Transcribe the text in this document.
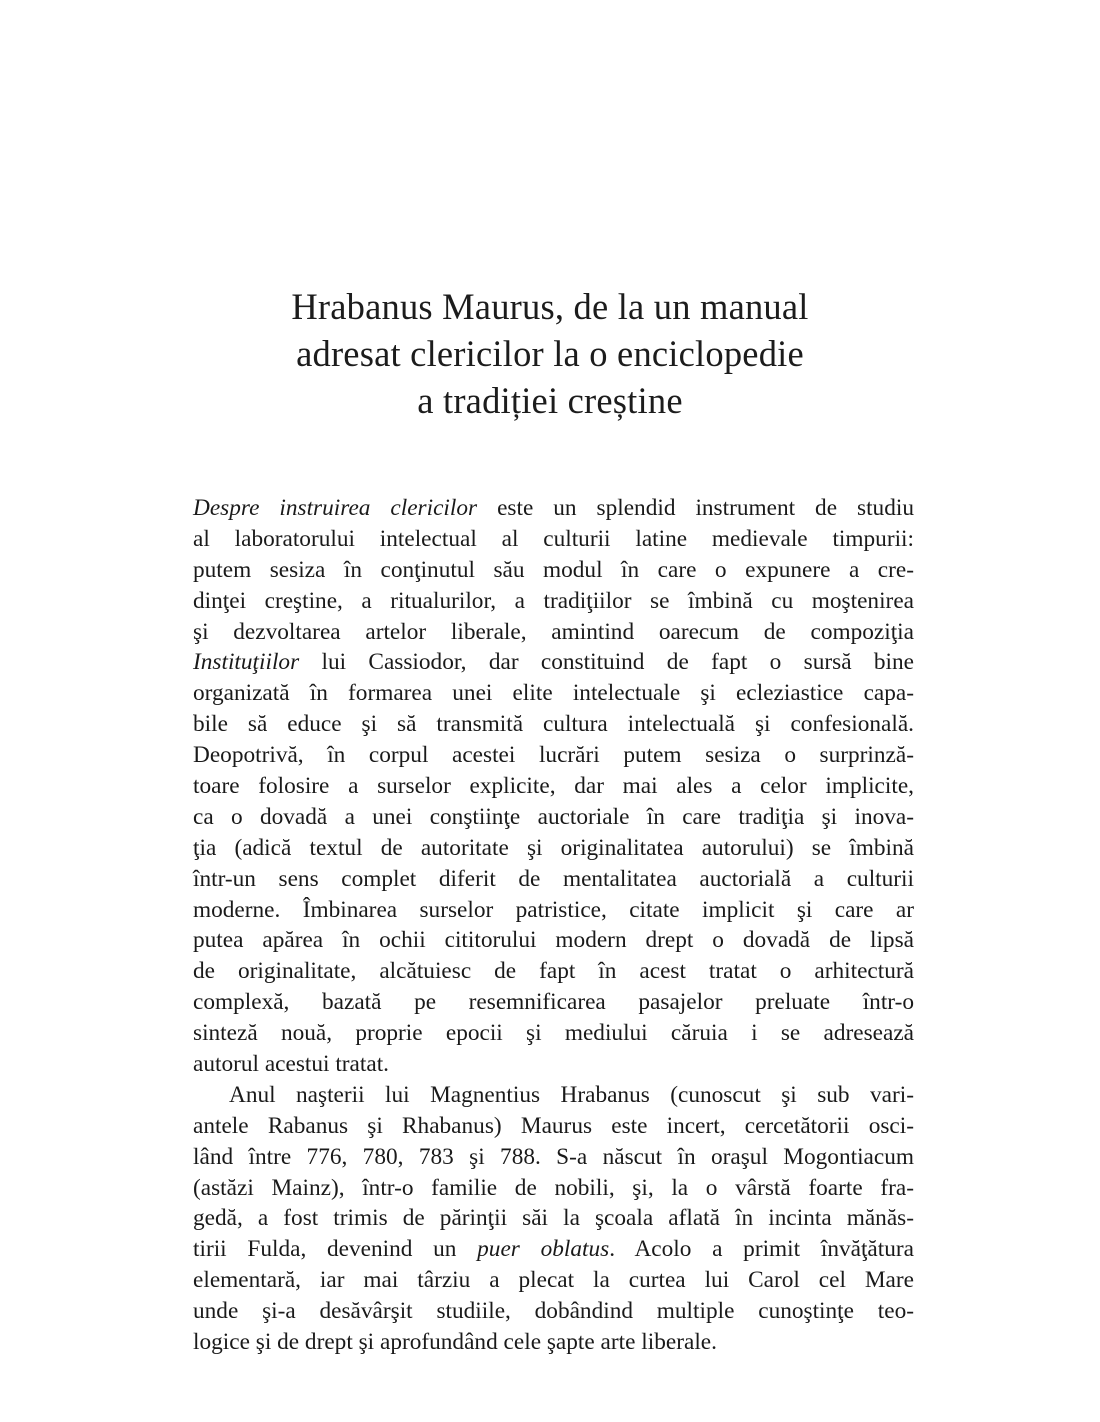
Hrabanus Maurus, de la un manual
adresat clericilor la o enciclopedie
a tradiției creștine
Despre instruirea clericilor este un splendid instrument de studiu
al laboratorului intelectual al culturii latine medievale timpurii:
putem sesiza în conţinutul său modul în care o expunere a cre-
dinţei creştine, a ritualurilor, a tradiţiilor se îmbină cu moştenirea
şi dezvoltarea artelor liberale, amintind oarecum de compoziţia
Instituţiilor lui Cassiodor, dar constituind de fapt o sursă bine
organizată în formarea unei elite intelectuale şi ecleziastice capa-
bile să educe şi să transmită cultura intelectuală şi confesională.
Deopotrivă, în corpul acestei lucrări putem sesiza o surprinză-
toare folosire a surselor explicite, dar mai ales a celor implicite,
ca o dovadă a unei conştiinţe auctoriale în care tradiţia şi inova-
ţia (adică textul de autoritate şi originalitatea autorului) se îmbină
într-un sens complet diferit de mentalitatea auctorială a culturii
moderne. Îmbinarea surselor patristice, citate implicit şi care ar
putea apărea în ochii cititorului modern drept o dovadă de lipsă
de originalitate, alcătuiesc de fapt în acest tratat o arhitectură
complexă, bazată pe resemnificarea pasajelor preluate într-o
sinteză nouă, proprie epocii şi mediului căruia i se adresează
autorul acestui tratat.
Anul naşterii lui Magnentius Hrabanus (cunoscut şi sub vari-
antele Rabanus şi Rhabanus) Maurus este incert, cercetătorii osci-
lând între 776, 780, 783 şi 788. S-a născut în oraşul Mogontiacum
(astăzi Mainz), într-o familie de nobili, şi, la o vârstă foarte fra-
gedă, a fost trimis de părinţii săi la şcoala aflată în incinta mănăs-
tirii Fulda, devenind un puer oblatus. Acolo a primit învăţătura
elementară, iar mai târziu a plecat la curtea lui Carol cel Mare
unde şi-a desăvârşit studiile, dobândind multiple cunoştinţe teo-
logice şi de drept şi aprofundând cele şapte arte liberale.
